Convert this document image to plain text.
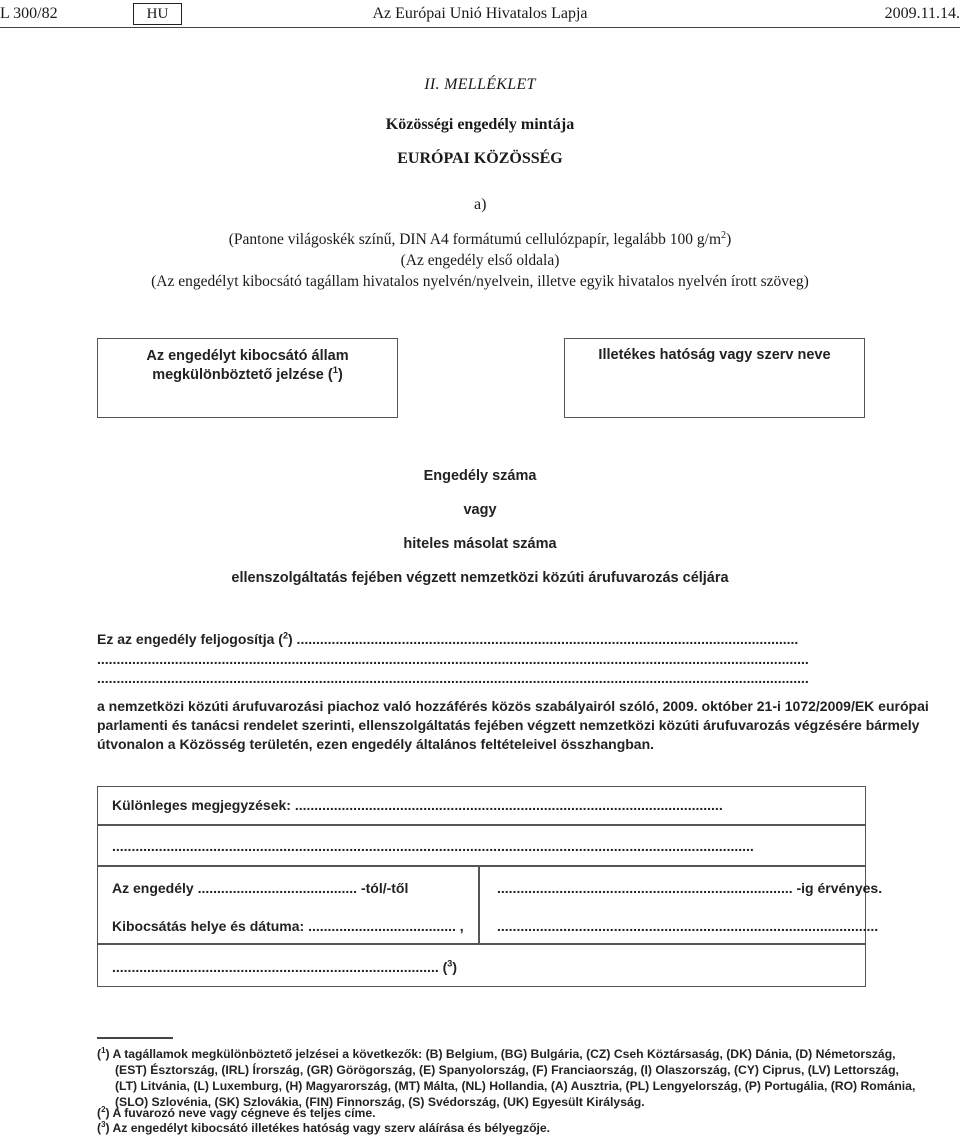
L 300/82	HU	Az Európai Unió Hivatalos Lapja	2009.11.14.
II. MELLÉKLET
Közösségi engedély mintája
EURÓPAI KÖZÖSSÉG
a)
(Pantone világoskék színű, DIN A4 formátumú cellulózpapír, legalább 100 $g/m^2$)
(Az engedély első oldala)
(Az engedélyt kibocsátó tagállam hivatalos nyelvén/nyelvein, illetve egyik hivatalos nyelvén írott szöveg)
Az engedélyt kibocsátó állam
megkülönböztető jelzése ($^1$)
Illetékes hatóság vagy szerv neve
Engedély száma
vagy
hiteles másolat száma
ellenszolgáltatás fejében végzett nemzetközi közúti árufuvarozás céljára
Ez az engedély feljogosítja ($^2$) .................................................................................................................................
.......................................................................................................................................................................................
.......................................................................................................................................................................................
a nemzetközi közúti árufuvarozási piachoz való hozzáférés közös szabályairól szóló, 2009. október 21-i 1072/2009/EK európai
parlamenti és tanácsi rendelet szerinti, ellenszolgáltatás fejében végzett nemzetközi közúti árufuvarozás végzésére bármely
útvonalon a Közösség területén, ezen engedély általános feltételeivel összhangban.
Különleges megjegyzések: ..............................................................................................................
.....................................................................................................................................................................
Az engedély ......................................... -tól/-től	............................................................................ -ig érvényes.
Kibocsátás helye és dátuma: ...................................... , ..................................................................................................
.................................................................................... ($^3$)
($^1$) A tagállamok megkülönböztető jelzései a következők: (B) Belgium, (BG) Bulgária, (CZ) Cseh Köztársaság, (DK) Dánia, (D) Németország,
(EST) Észtország, (IRL) Írország, (GR) Görögország, (E) Spanyolország, (F) Franciaország, (I) Olaszország, (CY) Ciprus, (LV) Lettország,
(LT) Litvánia, (L) Luxemburg, (H) Magyarország, (MT) Málta, (NL) Hollandia, (A) Ausztria, (PL) Lengyelország, (P) Portugália, (RO) Románia,
(SLO) Szlovénia, (SK) Szlovákia, (FIN) Finnország, (S) Svédország, (UK) Egyesült Királyság.
($^2$) A fuvarozó neve vagy cégneve és teljes címe.
($^3$) Az engedélyt kibocsátó illetékes hatóság vagy szerv aláírása és bélyegzője.
